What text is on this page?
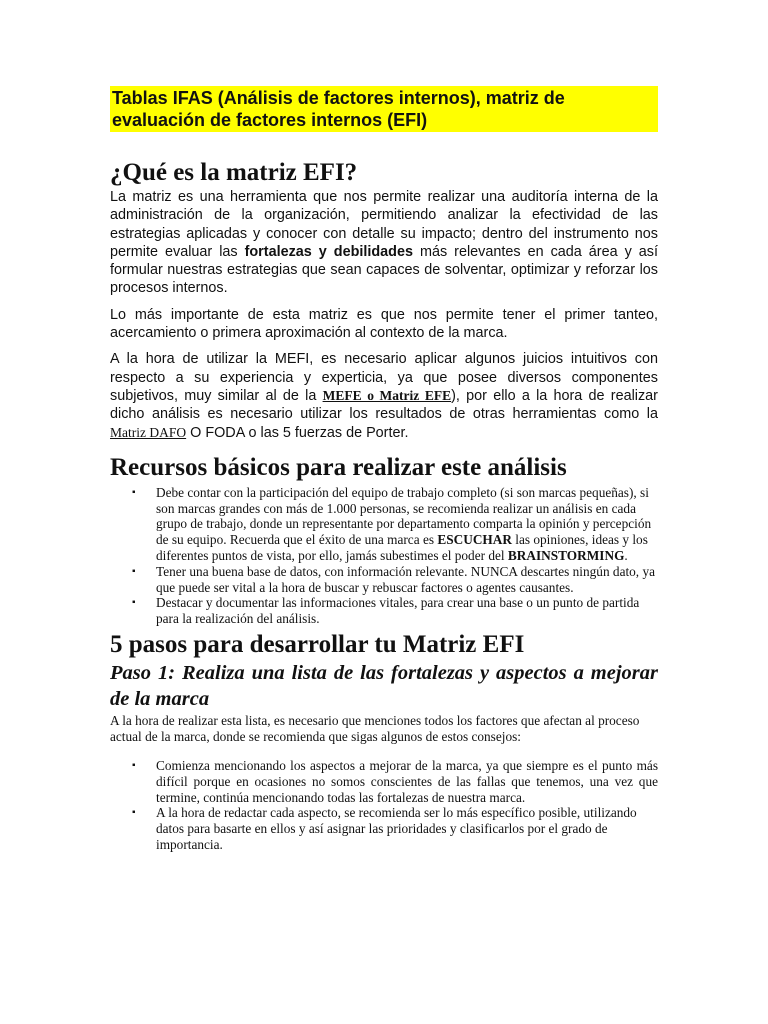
Tablas IFAS (Análisis de factores internos), matriz de evaluación de factores internos (EFI)
¿Qué es la matriz EFI?

La matriz es una herramienta que nos permite realizar una auditoría interna de la administración de la organización, permitiendo analizar la efectividad de las estrategias aplicadas y conocer con detalle su impacto; dentro del instrumento nos permite evaluar las fortalezas y debilidades más relevantes en cada área y así formular nuestras estrategias que sean capaces de solventar, optimizar y reforzar los procesos internos.

Lo más importante de esta matriz es que nos permite tener el primer tanteo, acercamiento o primera aproximación al contexto de la marca.

A la hora de utilizar la MEFI, es necesario aplicar algunos juicios intuitivos con respecto a su experiencia y experticia, ya que posee diversos componentes subjetivos, muy similar al de la MEFE o Matriz EFE), por ello a la hora de realizar dicho análisis es necesario utilizar los resultados de otras herramientas como la Matriz DAFO O FODA o las 5 fuerzas de Porter.

Recursos básicos para realizar este análisis
▪ Debe contar con la participación del equipo de trabajo completo (si son marcas pequeñas), si son marcas grandes con más de 1.000 personas, se recomienda realizar un análisis en cada grupo de trabajo, donde un representante por departamento comparta la opinión y percepción de su equipo. Recuerda que el éxito de una marca es ESCUCHAR las opiniones, ideas y los diferentes puntos de vista, por ello, jamás subestimes el poder del BRAINSTORMING.
▪ Tener una buena base de datos, con información relevante. NUNCA descartes ningún dato, ya que puede ser vital a la hora de buscar y rebuscar factores o agentes causantes.
▪ Destacar y documentar las informaciones vitales, para crear una base o un punto de partida para la realización del análisis.
5 pasos para desarrollar tu Matriz EFI
Paso 1: Realiza una lista de las fortalezas y aspectos a mejorar de la marca

A la hora de realizar esta lista, es necesario que menciones todos los factores que afectan al proceso actual de la marca, donde se recomienda que sigas algunos de estos consejos:

▪ Comienza mencionando los aspectos a mejorar de la marca, ya que siempre es el punto más difícil porque en ocasiones no somos conscientes de las fallas que tenemos, una vez que termine, continúa mencionando todas las fortalezas de nuestra marca.
▪ A la hora de redactar cada aspecto, se recomienda ser lo más específico posible, utilizando datos para basarte en ellos y así asignar las prioridades y clasificarlos por el grado de importancia.
